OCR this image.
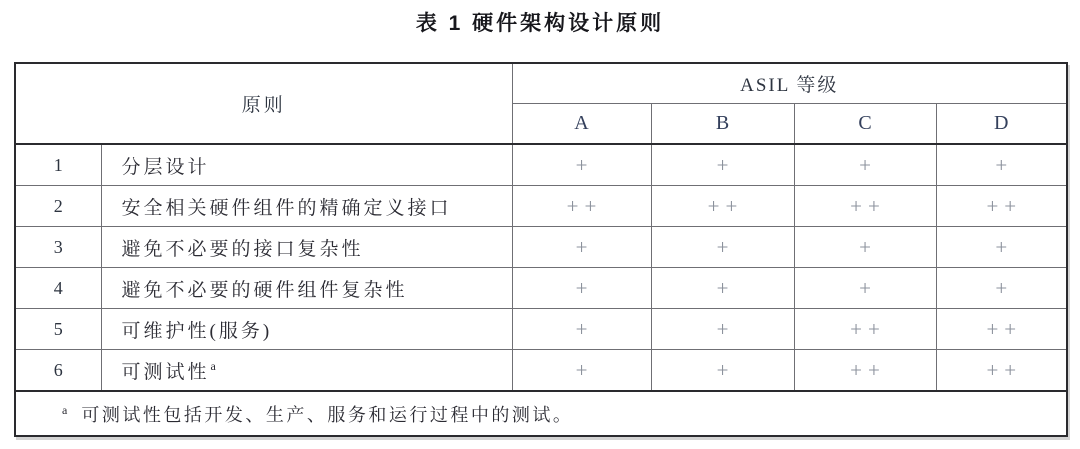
表 1 硬件架构设计原则
原则		ASIL 等级			
		A	B	C	D
1	分层设计	+	+	+	+
2	安全相关硬件组件的精确定义接口	++	++	++	++
3	避免不必要的接口复杂性	+	+	+	+
4	避免不必要的硬件组件复杂性	+	+	+	+
5	可维护性(服务)	+	+	++	++
6	可测试性$^a$	+	+	++	++
$^a$ 可测试性包括开发、生产、服务和运行过程中的测试。					
